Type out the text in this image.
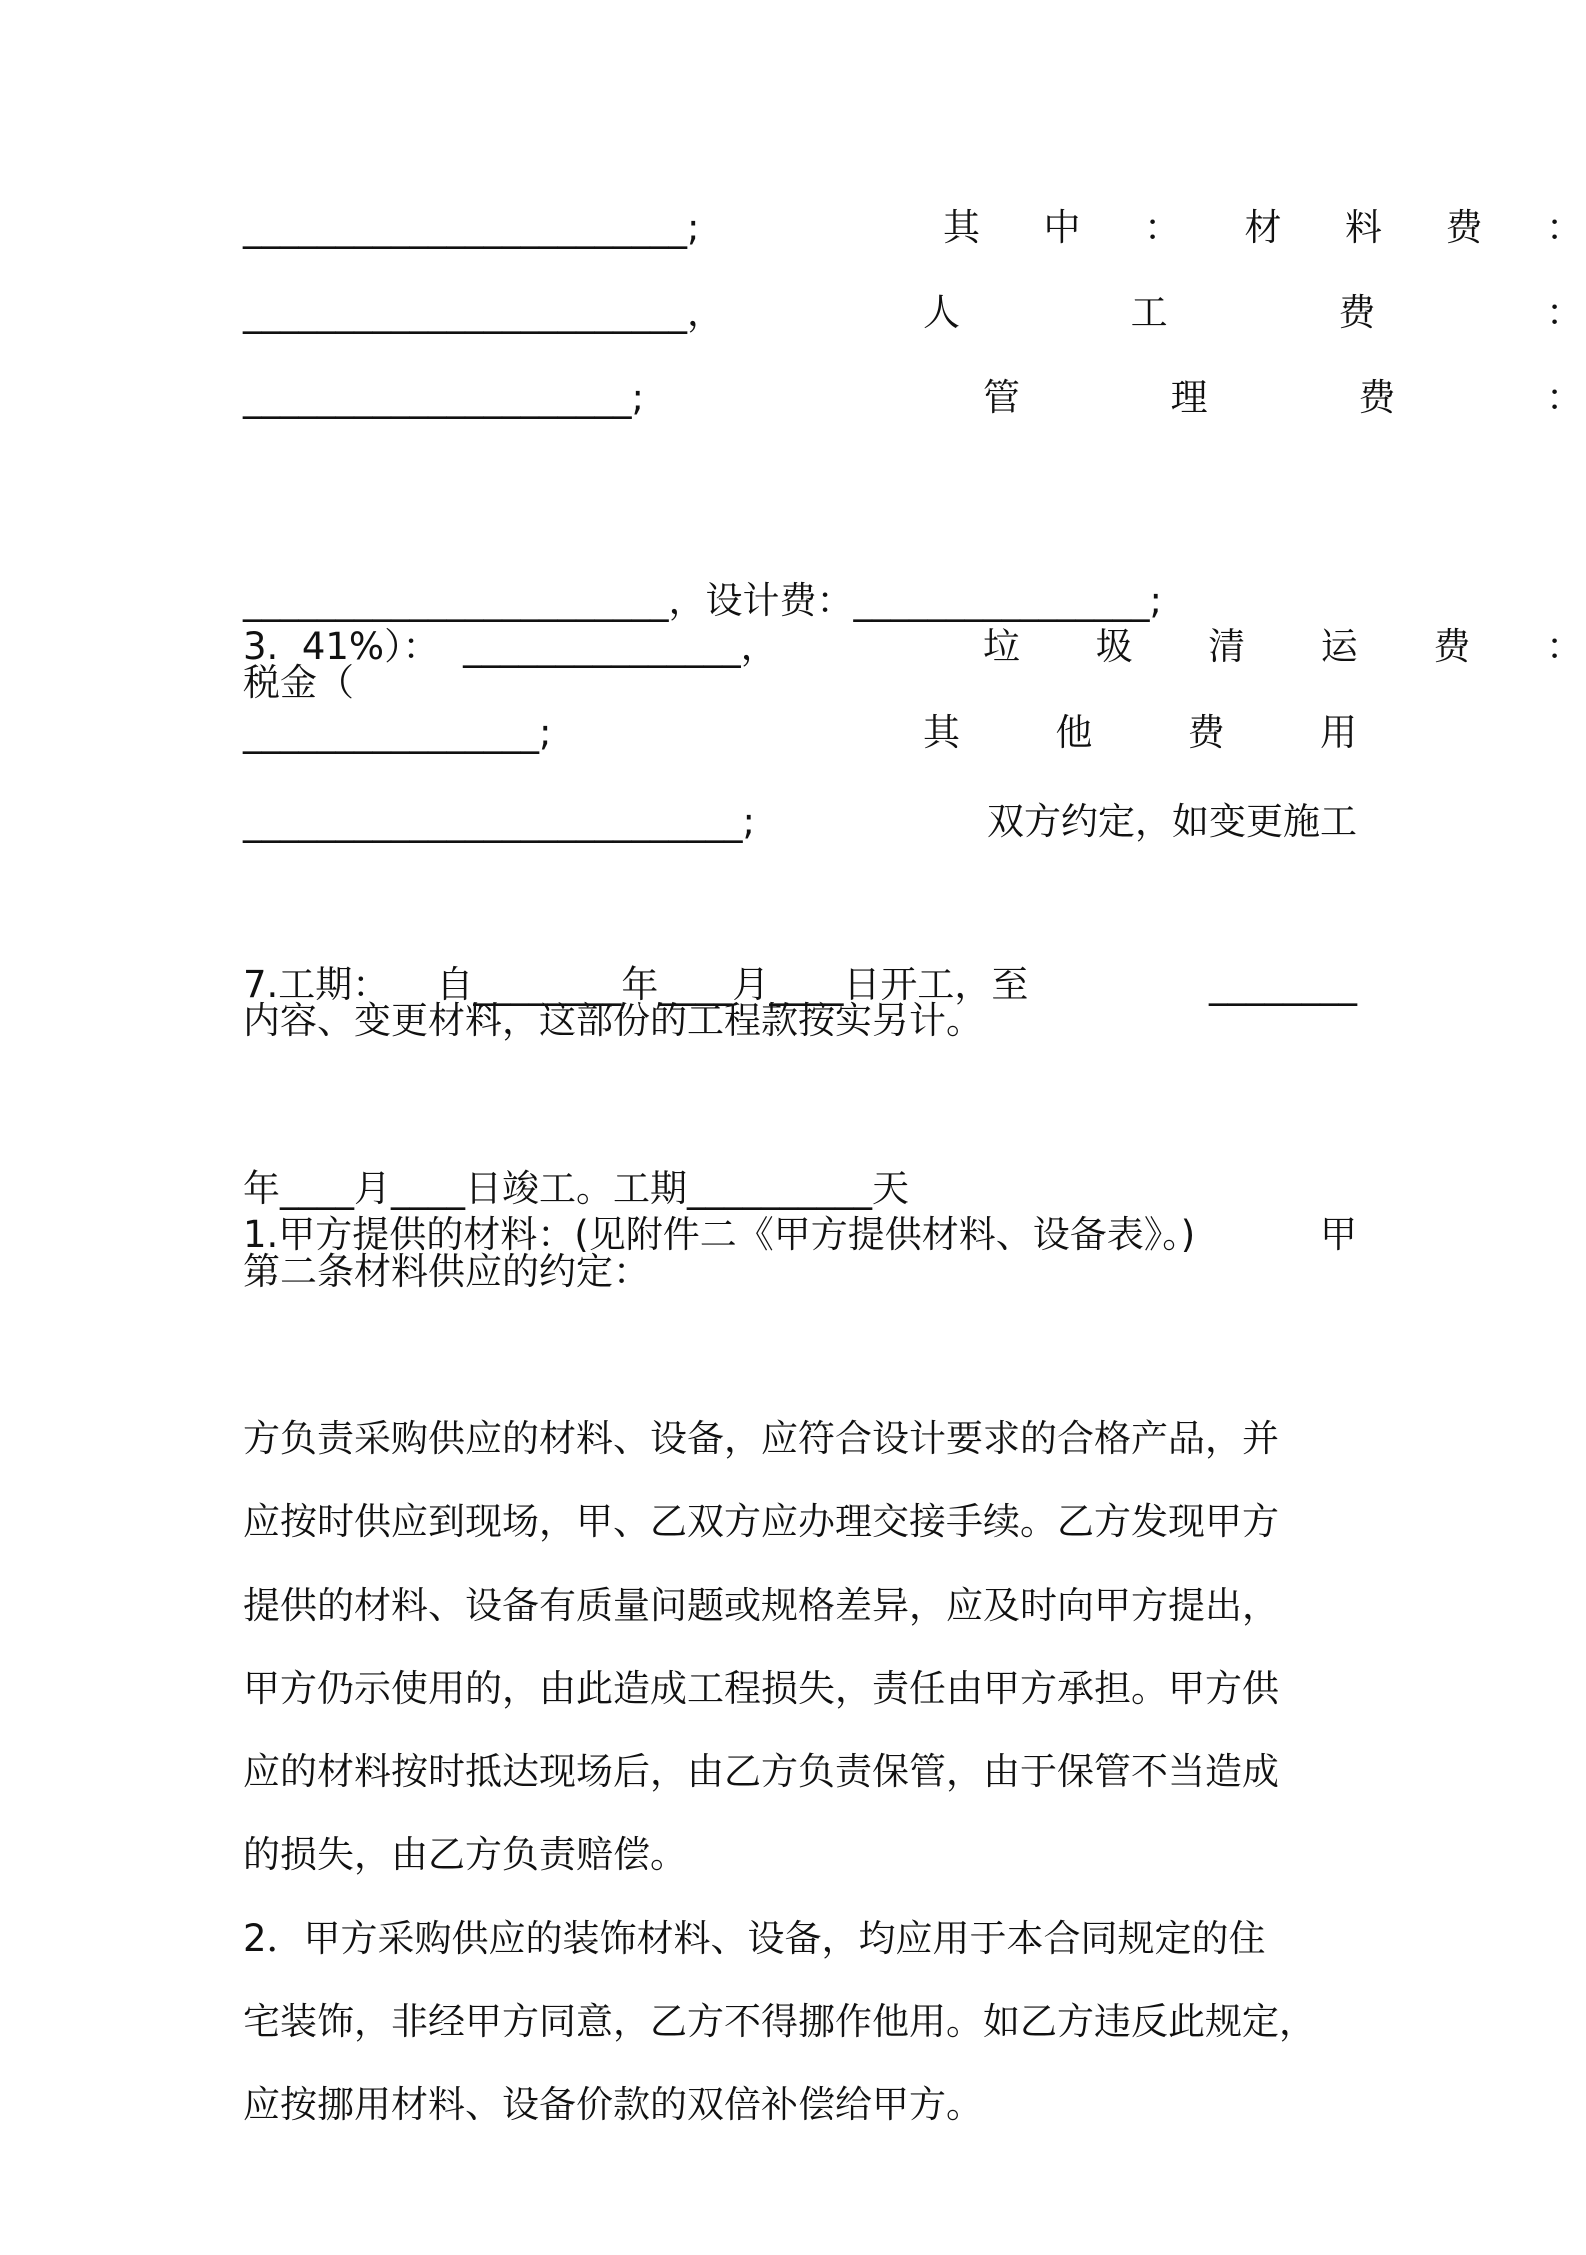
________________________;

	其 中 ： 材 料 费 ：

________________________，

	人	工	费	：

_____________________;

	管	理	费	：

_______________________，设计费：________________;

税金（

3.  41%）：  _______________，

	垃 圾 清 运 费 ：

________________;

	其	他	费	用

___________________________;

	双方约定，如变更施工

内容、变更材料，这部份的工程款按实另计。

7.工期：    自________年____月____日开工，至

	________

年____月____日竣工。工期__________天

第二条材料供应的约定：

1.甲方提供的材料：(见附件二《甲方提供材料、设备表》。)

	甲

方负责采购供应的材料、设备，应符合设计要求的合格产品，并

应按时供应到现场，甲、乙双方应办理交接手续。乙方发现甲方

提供的材料、设备有质量问题或规格差异，应及时向甲方提出，

甲方仍示使用的，由此造成工程损失，责任由甲方承担。甲方供

应的材料按时抵达现场后，由乙方负责保管，由于保管不当造成

的损失，由乙方负责赔偿。

2．甲方采购供应的装饰材料、设备，均应用于本合同规定的住

宅装饰，非经甲方同意，乙方不得挪作他用。如乙方违反此规定，

应按挪用材料、设备价款的双倍补偿给甲方。
